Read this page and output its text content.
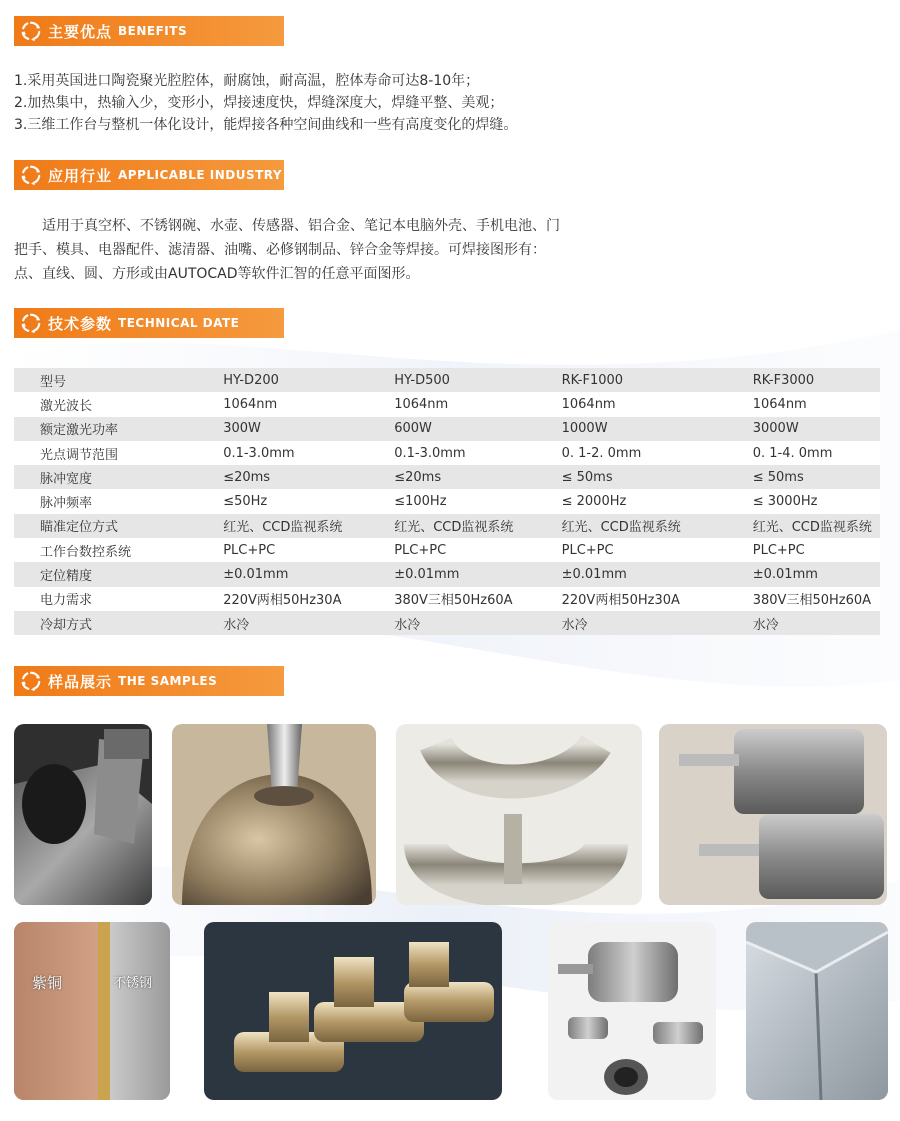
主要优点 BENEFITS
1.采用英国进口陶瓷聚光腔腔体，耐腐蚀，耐高温，腔体寿命可达8-10年；
2.加热集中，热输入少，变形小，焊接速度快，焊缝深度大，焊缝平整、美观；
3.三维工作台与整机一体化设计，能焊接各种空间曲线和一些有高度变化的焊缝。
应用行业 APPLICABLE INDUSTRY
适用于真空杯、不锈钢碗、水壶、传感器、铝合金、笔记本电脑外壳、手机电池、门把手、模具、电器配件、滤清器、油嘴、必修钢制品、锌合金等焊接。可焊接图形有：点、直线、圆、方形或由AUTOCAD等软件汇智的任意平面图形。
技术参数 TECHNICAL DATE
型号	HY-D200	HY-D500	RK-F1000	RK-F3000
激光波长	1064nm	1064nm	1064nm	1064nm
额定激光功率	300W	600W	1000W	3000W
光点调节范围	0.1-3.0mm	0.1-3.0mm	0. 1-2. 0mm	0. 1-4. 0mm
脉冲宽度	≤20ms	≤20ms	≤ 50ms	≤ 50ms
脉冲频率	≤50Hz	≤100Hz	≤ 2000Hz	≤ 3000Hz
瞄准定位方式	红光、CCD监视系统	红光、CCD监视系统	红光、CCD监视系统	红光、CCD监视系统
工作台数控系统	PLC+PC	PLC+PC	PLC+PC	PLC+PC
定位精度	±0.01mm	±0.01mm	±0.01mm	±0.01mm
电力需求	220V两相50Hz30A	380V三相50Hz60A	220V两相50Hz30A	380V三相50Hz60A
冷却方式	水冷	水冷	水冷	水冷
样品展示 THE SAMPLES
紫铜	不锈钢
